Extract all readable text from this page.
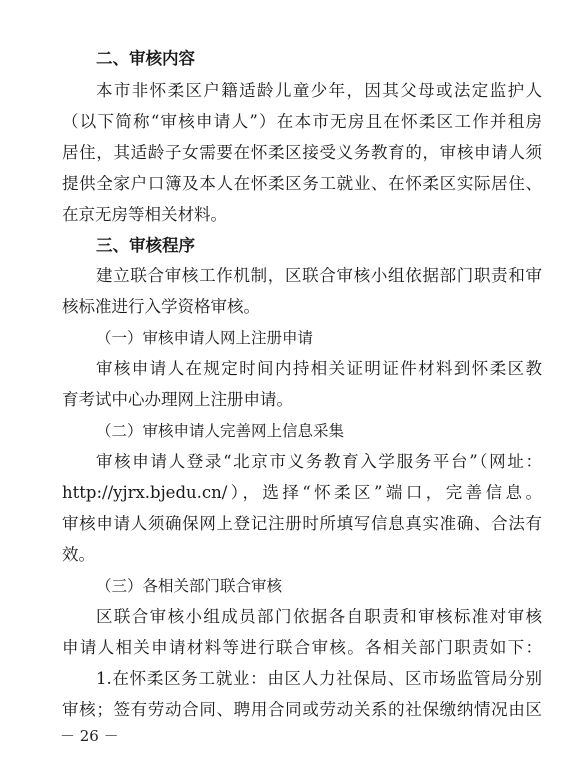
二、审核内容
本市非怀柔区户籍适龄儿童少年，因其父母或法定监护人
（以下简称“审核申请人”）在本市无房且在怀柔区工作并租房
居住，其适龄子女需要在怀柔区接受义务教育的，审核申请人须
提供全家户口簿及本人在怀柔区务工就业、在怀柔区实际居住、
在京无房等相关材料。
三、审核程序
建立联合审核工作机制，区联合审核小组依据部门职责和审
核标准进行入学资格审核。
（一）审核申请人网上注册申请
审核申请人在规定时间内持相关证明证件材料到怀柔区教
育考试中心办理网上注册申请。
（二）审核申请人完善网上信息采集
审核申请人登录“北京市义务教育入学服务平台”（网址：
http://yjrx.bjedu.cn/），选择“怀柔区”端口，完善信息。
审核申请人须确保网上登记注册时所填写信息真实准确、合法有
效。
（三）各相关部门联合审核
区联合审核小组成员部门依据各自职责和审核标准对审核
申请人相关申请材料等进行联合审核。各相关部门职责如下：
1.在怀柔区务工就业：由区人力社保局、区市场监管局分别
审核；签有劳动合同、聘用合同或劳动关系的社保缴纳情况由区
－ 26 －
